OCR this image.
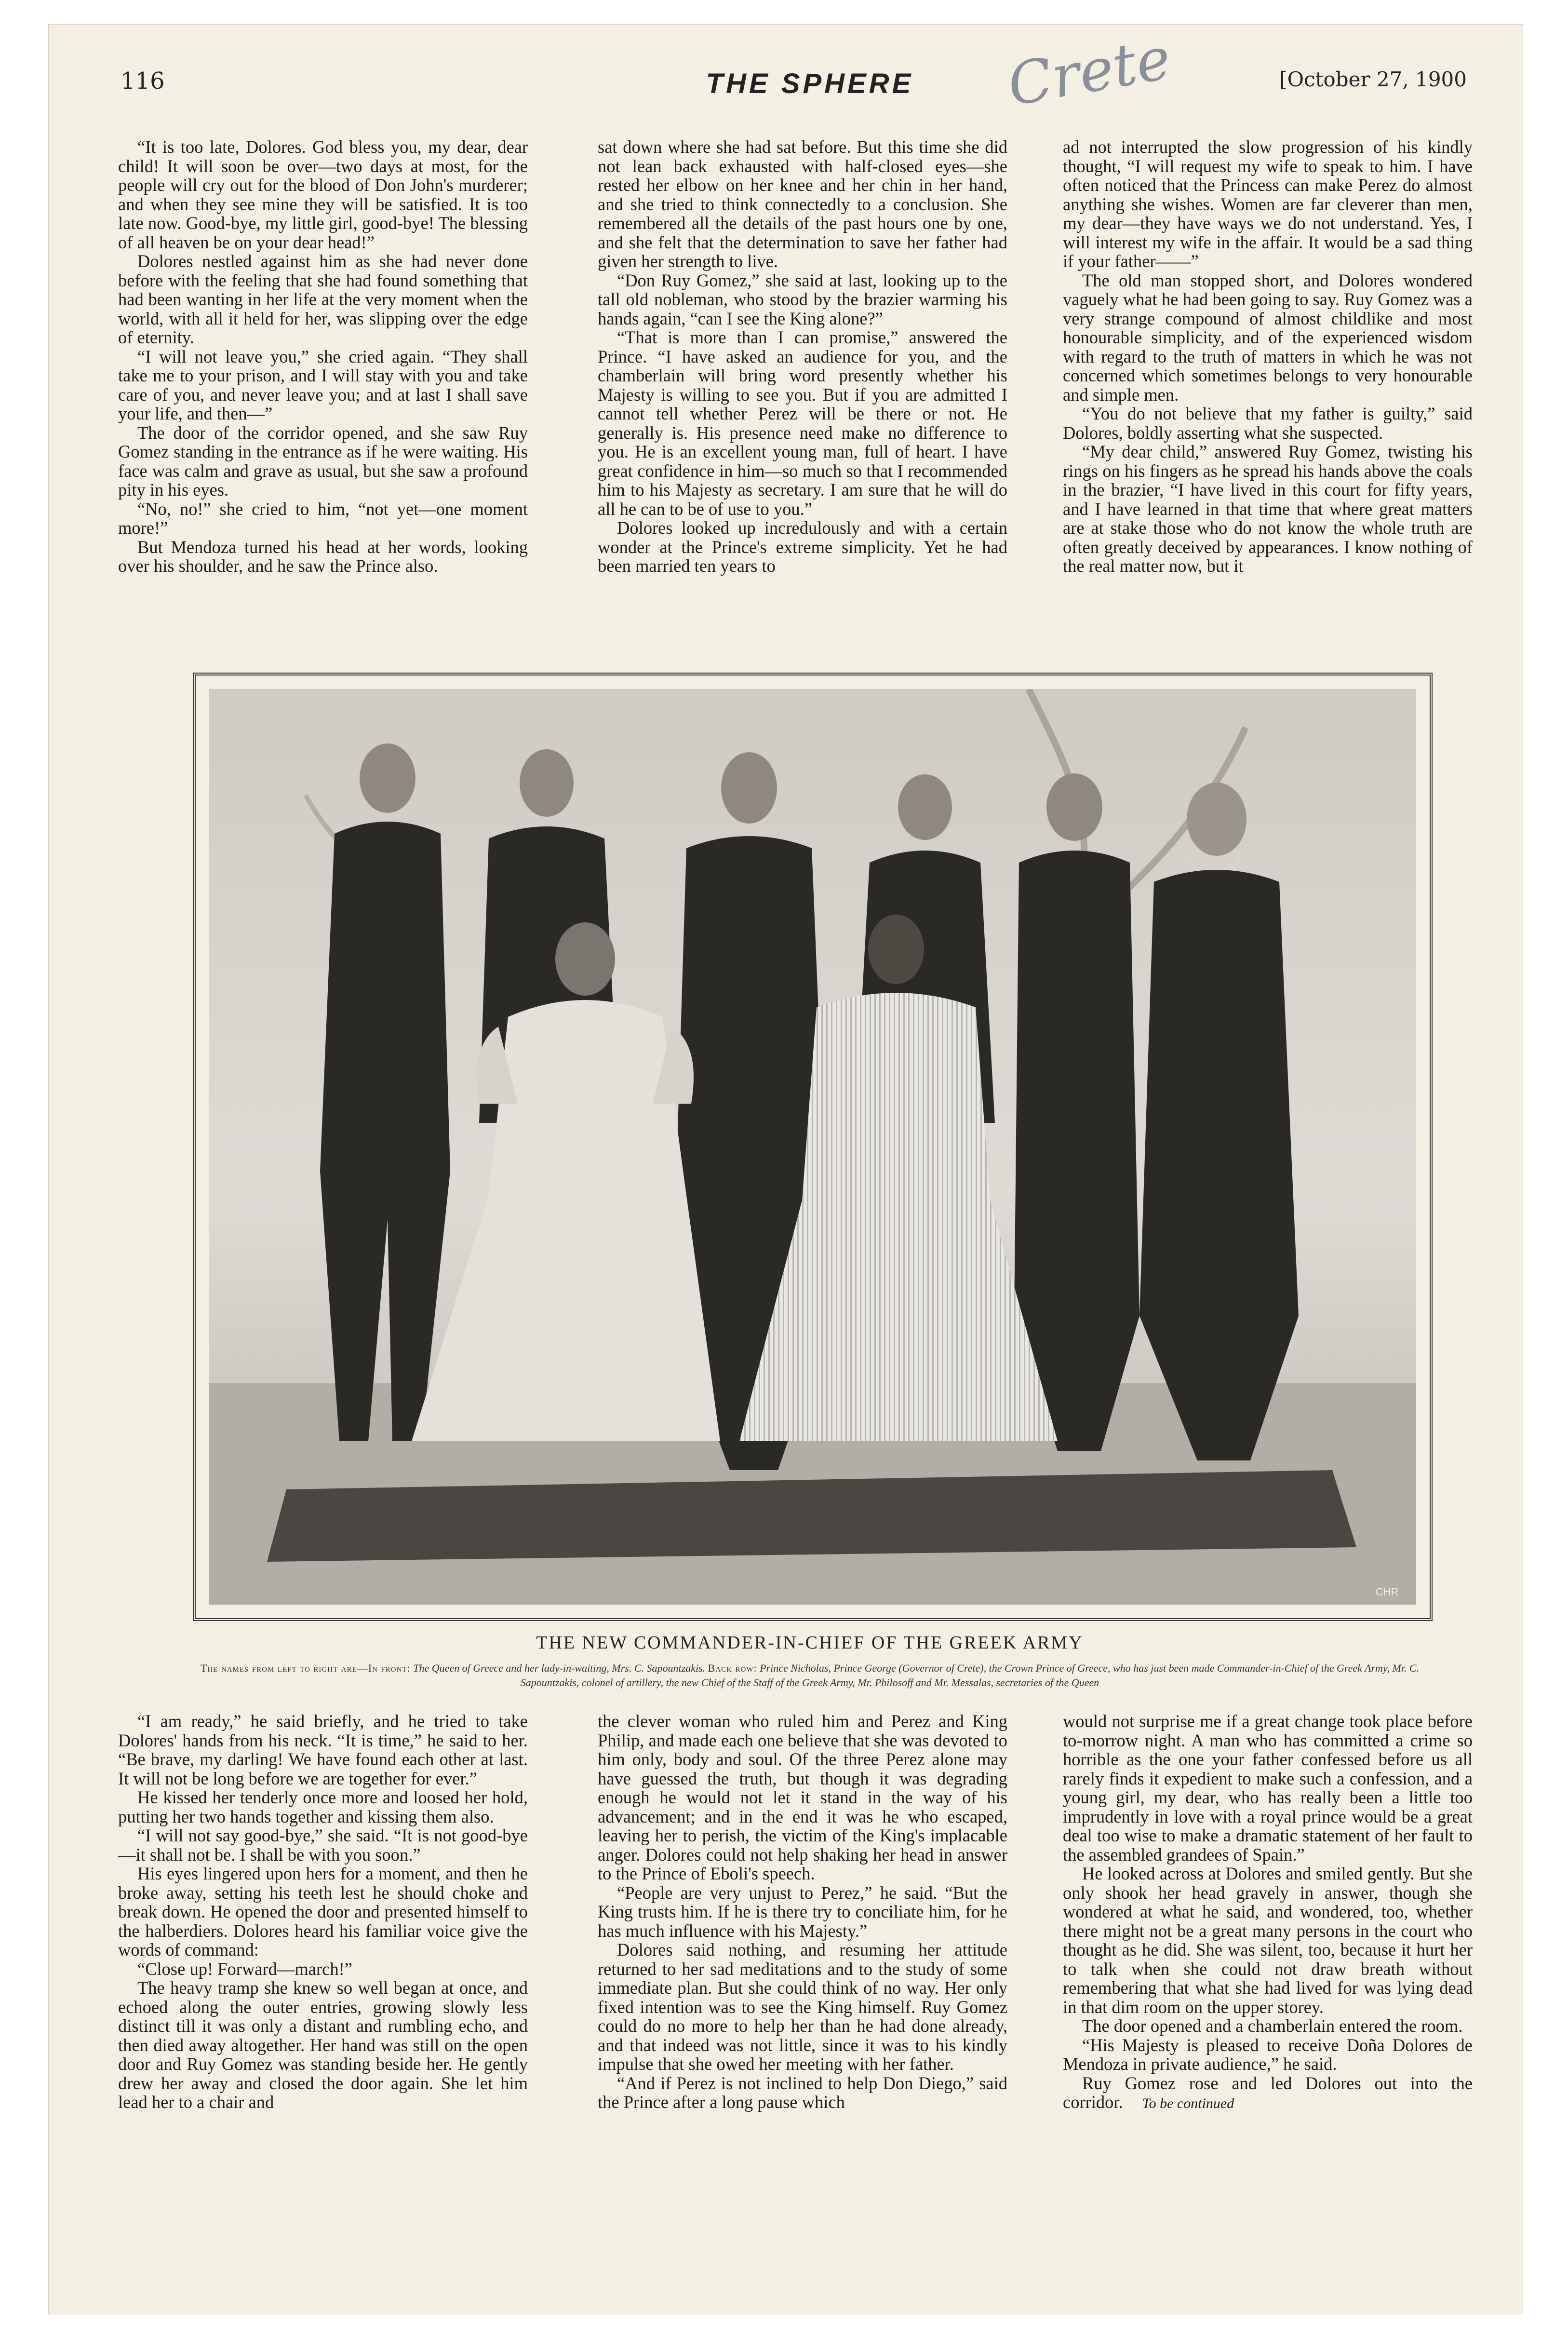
116	THE SPHERE	Crete	[October 27, 1900

“It is too late, Dolores. God bless you, my dear, dear child! It will soon be over—two days at most, for the people will cry out for the blood of Don John's murderer; and when they see mine they will be satisfied. It is too late now. Good-bye, my little girl, good-bye! The blessing of all heaven be on your dear head!”

Dolores nestled against him as she had never done before with the feeling that she had found something that had been wanting in her life at the very moment when the world, with all it held for her, was slipping over the edge of eternity.

“I will not leave you,” she cried again. “They shall take me to your prison, and I will stay with you and take care of you, and never leave you; and at last I shall save your life, and then—”

The door of the corridor opened, and she saw Ruy Gomez standing in the entrance as if he were waiting. His face was calm and grave as usual, but she saw a profound pity in his eyes.

“No, no!” she cried to him, “not yet—one moment more!”

But Mendoza turned his head at her words, looking over his shoulder, and he saw the Prince also.

sat down where she had sat before. But this time she did not lean back exhausted with half-closed eyes—she rested her elbow on her knee and her chin in her hand, and she tried to think connectedly to a conclusion. She remembered all the details of the past hours one by one, and she felt that the determination to save her father had given her strength to live.

“Don Ruy Gomez,” she said at last, looking up to the tall old nobleman, who stood by the brazier warming his hands again, “can I see the King alone?”

“That is more than I can promise,” answered the Prince. “I have asked an audience for you, and the chamberlain will bring word presently whether his Majesty is willing to see you. But if you are admitted I cannot tell whether Perez will be there or not. He generally is. His presence need make no difference to you. He is an excellent young man, full of heart. I have great confidence in him—so much so that I recommended him to his Majesty as secretary. I am sure that he will do all he can to be of use to you.”

Dolores looked up incredulously and with a certain wonder at the Prince's extreme simplicity. Yet he had been married ten years to

ad not interrupted the slow progression of his kindly thought, “I will request my wife to speak to him. I have often noticed that the Princess can make Perez do almost anything she wishes. Women are far cleverer than men, my dear—they have ways we do not understand. Yes, I will interest my wife in the affair. It would be a sad thing if your father——”

The old man stopped short, and Dolores wondered vaguely what he had been going to say. Ruy Gomez was a very strange compound of almost childlike and most honourable simplicity, and of the experienced wisdom with regard to the truth of matters in which he was not concerned which sometimes belongs to very honourable and simple men.

“You do not believe that my father is guilty,” said Dolores, boldly asserting what she suspected.

“My dear child,” answered Ruy Gomez, twisting his rings on his fingers as he spread his hands above the coals in the brazier, “I have lived in this court for fifty years, and I have learned in that time that where great matters are at stake those who do not know the whole truth are often greatly deceived by appearances. I know nothing of the real matter now, but it

CHR
THE NEW COMMANDER-IN-CHIEF OF THE GREEK ARMY
The names from left to right are—In front: The Queen of Greece and her lady-in-waiting, Mrs. C. Sapountzakis. Back row: Prince Nicholas, Prince George (Governor of Crete), the Crown Prince of Greece, who has just been made Commander-in-Chief of the Greek Army, Mr. C. Sapountzakis, colonel of artillery, the new Chief of the Staff of the Greek Army, Mr. Philosoff and Mr. Messalas, secretaries of the Queen

“I am ready,” he said briefly, and he tried to take Dolores' hands from his neck. “It is time,” he said to her. “Be brave, my darling! We have found each other at last. It will not be long before we are together for ever.”

He kissed her tenderly once more and loosed her hold, putting her two hands together and kissing them also.

“I will not say good-bye,” she said. “It is not good-bye—it shall not be. I shall be with you soon.”

His eyes lingered upon hers for a moment, and then he broke away, setting his teeth lest he should choke and break down. He opened the door and presented himself to the halberdiers. Dolores heard his familiar voice give the words of command:

“Close up! Forward—march!”

The heavy tramp she knew so well began at once, and echoed along the outer entries, growing slowly less distinct till it was only a distant and rumbling echo, and then died away altogether. Her hand was still on the open door and Ruy Gomez was standing beside her. He gently drew her away and closed the door again. She let him lead her to a chair and

the clever woman who ruled him and Perez and King Philip, and made each one believe that she was devoted to him only, body and soul. Of the three Perez alone may have guessed the truth, but though it was degrading enough he would not let it stand in the way of his advancement; and in the end it was he who escaped, leaving her to perish, the victim of the King's implacable anger. Dolores could not help shaking her head in answer to the Prince of Eboli's speech.

“People are very unjust to Perez,” he said. “But the King trusts him. If he is there try to conciliate him, for he has much influence with his Majesty.”

Dolores said nothing, and resuming her attitude returned to her sad meditations and to the study of some immediate plan. But she could think of no way. Her only fixed intention was to see the King himself. Ruy Gomez could do no more to help her than he had done already, and that indeed was not little, since it was to his kindly impulse that she owed her meeting with her father.

“And if Perez is not inclined to help Don Diego,” said the Prince after a long pause which

would not surprise me if a great change took place before to-morrow night. A man who has committed a crime so horrible as the one your father confessed before us all rarely finds it expedient to make such a confession, and a young girl, my dear, who has really been a little too imprudently in love with a royal prince would be a great deal too wise to make a dramatic statement of her fault to the assembled grandees of Spain.”

He looked across at Dolores and smiled gently. But she only shook her head gravely in answer, though she wondered at what he said, and wondered, too, whether there might not be a great many persons in the court who thought as he did. She was silent, too, because it hurt her to talk when she could not draw breath without remembering that what she had lived for was lying dead in that dim room on the upper storey.

The door opened and a chamberlain entered the room.

“His Majesty is pleased to receive Doña Dolores de Mendoza in private audience,” he said.

Ruy Gomez rose and led Dolores out into the corridor. To be continued
